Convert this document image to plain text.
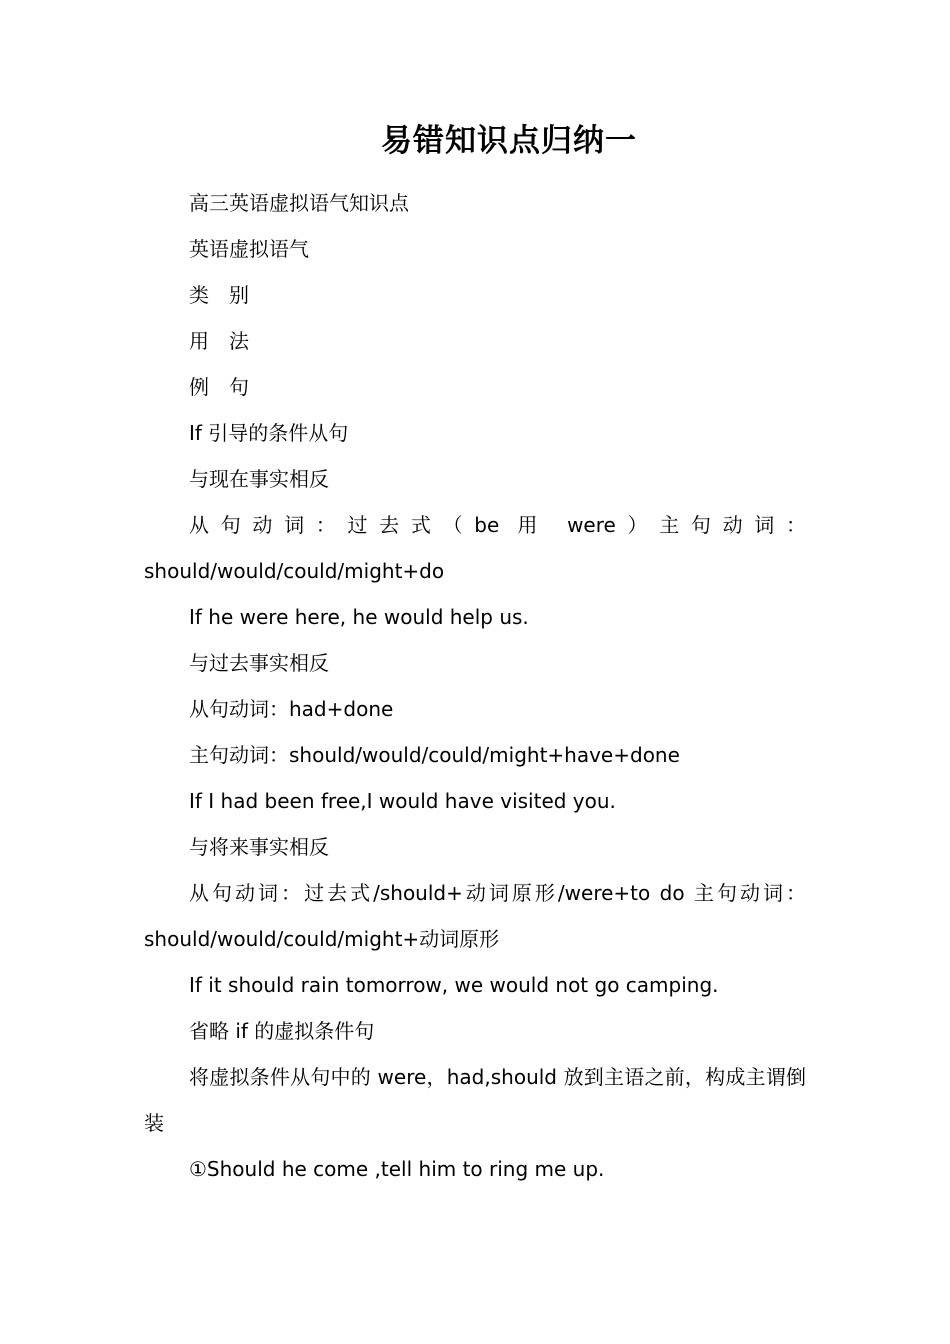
易错知识点归纳一

高三英语虚拟语气知识点

英语虚拟语气

类　别

用　法

例　句

If 引导的条件从句

与现在事实相反

从句动词：过去式（be 用 were）主句动词：should/would/could/might+do

If he were here, he would help us.

与过去事实相反

从句动词：had+done

主句动词：should/would/could/might+have+done

If I had been free,I would have visited you.

与将来事实相反

从句动词：过去式/should+动词原形/were+to do 主句动词：should/would/could/might+动词原形

If it should rain tomorrow, we would not go camping.

省略 if 的虚拟条件句

将虚拟条件从句中的 were，had,should 放到主语之前，构成主谓倒装

①Should he come ,tell him to ring me up.
